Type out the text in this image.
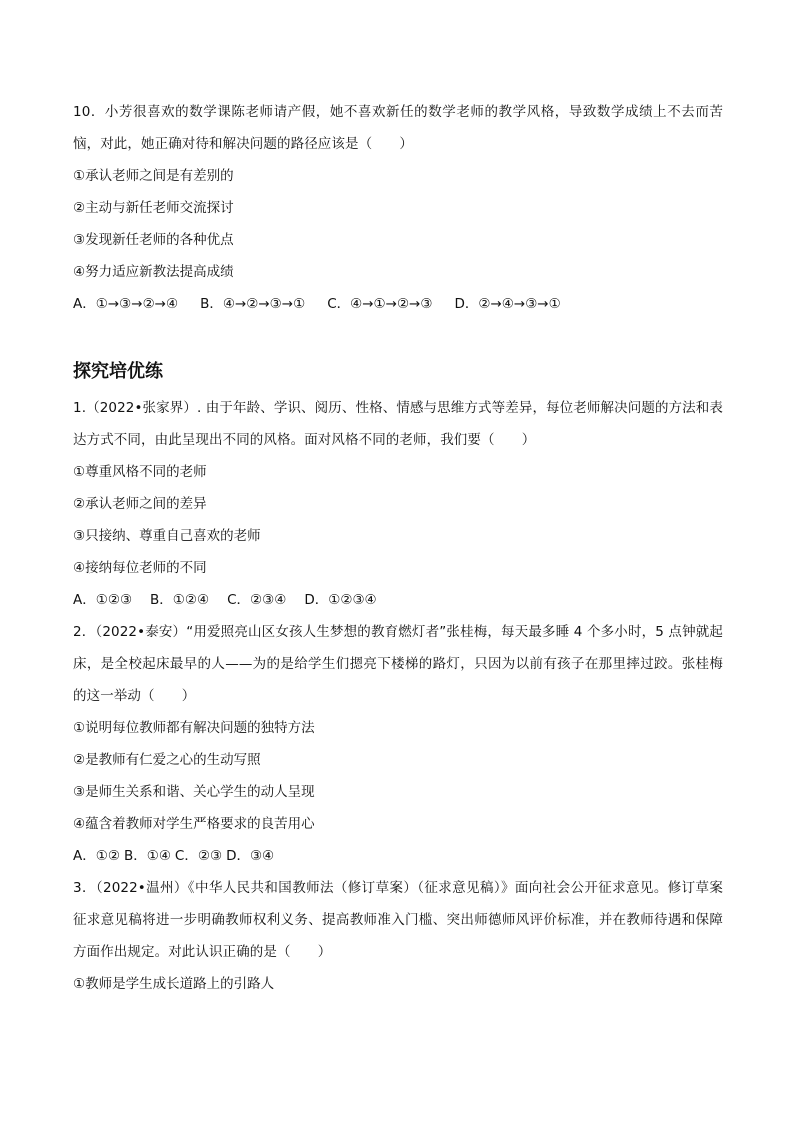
10．小芳很喜欢的数学课陈老师请产假，她不喜欢新任的数学老师的教学风格，导致数学成绩上不去而苦恼，对此，她正确对待和解决问题的路径应该是（　　）

①承认老师之间是有差别的

②主动与新任老师交流探讨

③发现新任老师的各种优点

④努力适应新教法提高成绩

A．①→③→②→④ B．④→②→③→① C．④→①→②→③ D．②→④→③→①
探究培优练

1.（2022•张家界）. 由于年龄、学识、阅历、性格、情感与思维方式等差异，每位老师解决问题的方法和表达方式不同，由此呈现出不同的风格。面对风格不同的老师，我们要（　　）

①尊重风格不同的老师

②承认老师之间的差异

③只接纳、尊重自己喜欢的老师

④接纳每位老师的不同

A．①②③ B．①②④ C．②③④ D．①②③④

2．（2022•泰安）“用爱照亮山区女孩人生梦想的教育燃灯者”张桂梅，每天最多睡 4 个多小时，5 点钟就起床，是全校起床最早的人——为的是给学生们摁亮下楼梯的路灯，只因为以前有孩子在那里摔过跤。张桂梅的这一举动（　　）

①说明每位教师都有解决问题的独特方法

②是教师有仁爱之心的生动写照

③是师生关系和谐、关心学生的动人呈现

④蕴含着教师对学生严格要求的良苦用心

A．①② B．①④ C．②③ D．③④

3．（2022•温州）《中华人民共和国教师法（修订草案）（征求意见稿）》面向社会公开征求意见。修订草案征求意见稿将进一步明确教师权利义务、提高教师准入门槛、突出师德师风评价标准，并在教师待遇和保障方面作出规定。对此认识正确的是（　　）

①教师是学生成长道路上的引路人
